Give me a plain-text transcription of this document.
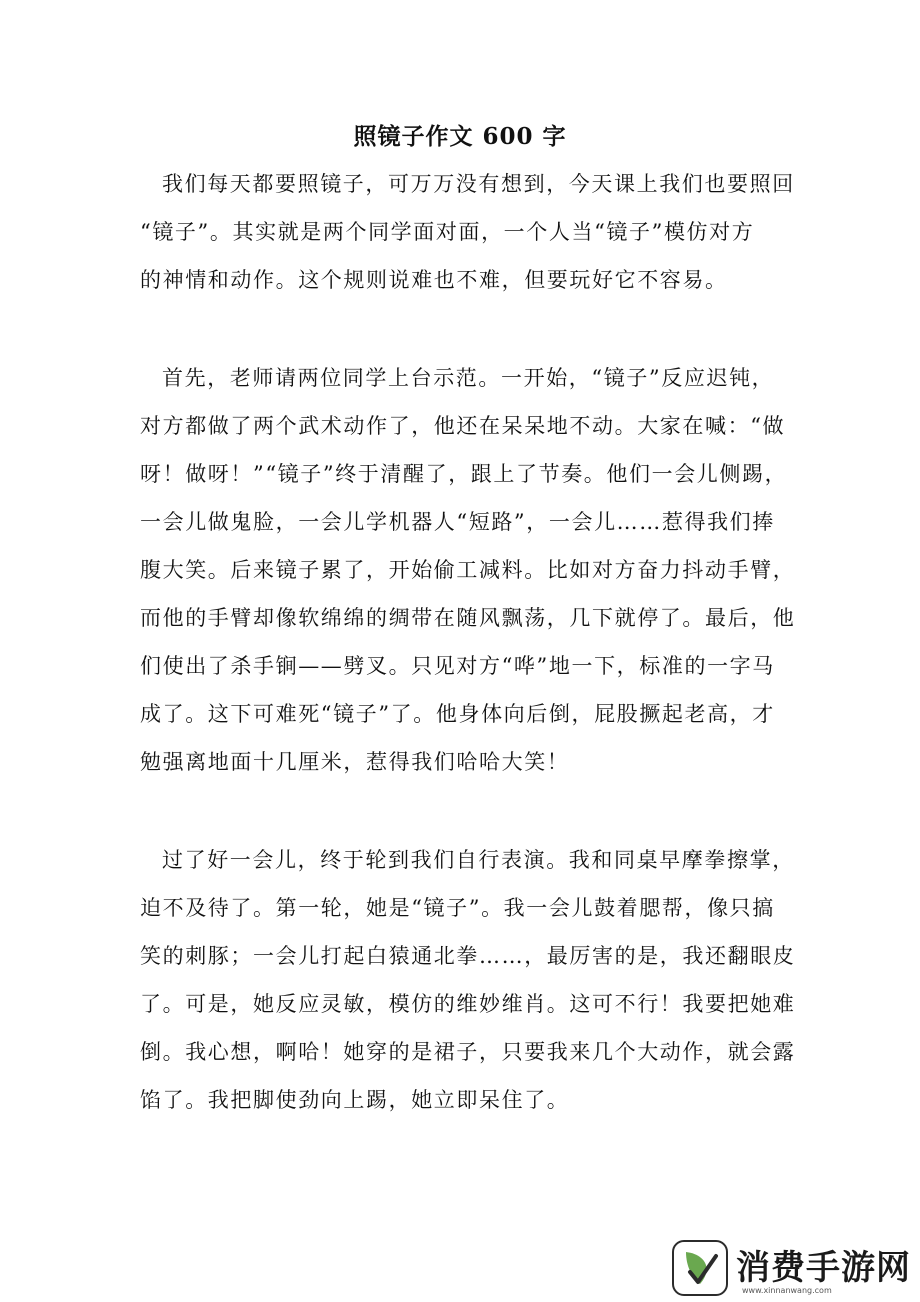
照镜子作文 600 字
我们每天都要照镜子，可万万没有想到，今天课上我们也要照回
“镜子”。其实就是两个同学面对面，一个人当“镜子”模仿对方
的神情和动作。这个规则说难也不难，但要玩好它不容易。
首先，老师请两位同学上台示范。一开始，“镜子”反应迟钝，
对方都做了两个武术动作了，他还在呆呆地不动。大家在喊：“做
呀！做呀！”“镜子”终于清醒了，跟上了节奏。他们一会儿侧踢，
一会儿做鬼脸，一会儿学机器人“短路”，一会儿……惹得我们捧
腹大笑。后来镜子累了，开始偷工减料。比如对方奋力抖动手臂，
而他的手臂却像软绵绵的绸带在随风飘荡，几下就停了。最后，他
们使出了杀手锏——劈叉。只见对方“哗”地一下，标准的一字马
成了。这下可难死“镜子”了。他身体向后倒，屁股撅起老高，才
勉强离地面十几厘米，惹得我们哈哈大笑！
过了好一会儿，终于轮到我们自行表演。我和同桌早摩拳擦掌，
迫不及待了。第一轮，她是“镜子”。我一会儿鼓着腮帮，像只搞
笑的刺豚；一会儿打起白猿通北拳……，最厉害的是，我还翻眼皮
了。可是，她反应灵敏，模仿的维妙维肖。这可不行！我要把她难
倒。我心想，啊哈！她穿的是裙子，只要我来几个大动作，就会露
馅了。我把脚使劲向上踢，她立即呆住了。
消费手游网
www.xinnanwang.com
